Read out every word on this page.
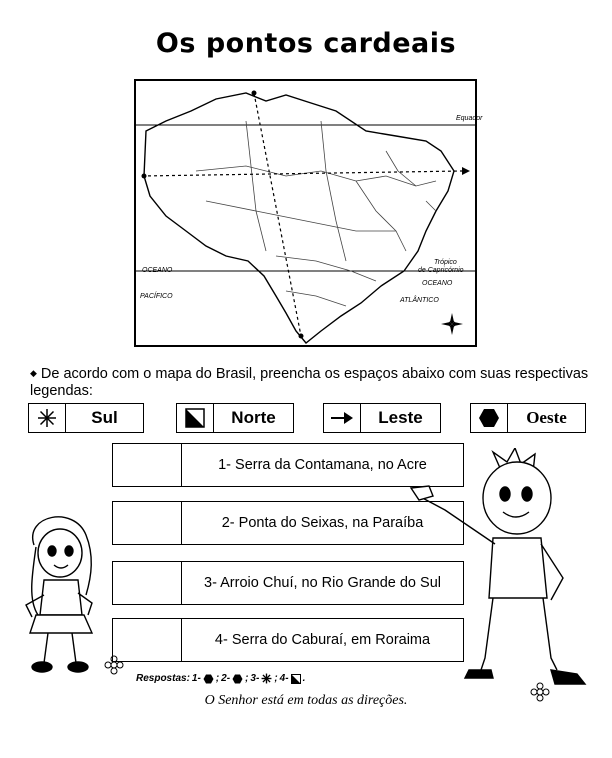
Os pontos cardeais
Equador
Trópico
de Capricórnio
OCEANO
PACÍFICO
OCEANO
ATLÂNTICO
◆ De acordo com o mapa do Brasil, preencha os espaços abaixo com suas respectivas legendas:
Sul	Norte	Leste	Oeste
1- Serra da Contamana, no Acre
2- Ponta do Seixas, na Paraíba
3- Arroio Chuí, no Rio Grande do Sul
4- Serra do Caburaí, em Roraima
Respostas: 1- ; 2- ; 3- ; 4- .
O Senhor está em todas as direções.
